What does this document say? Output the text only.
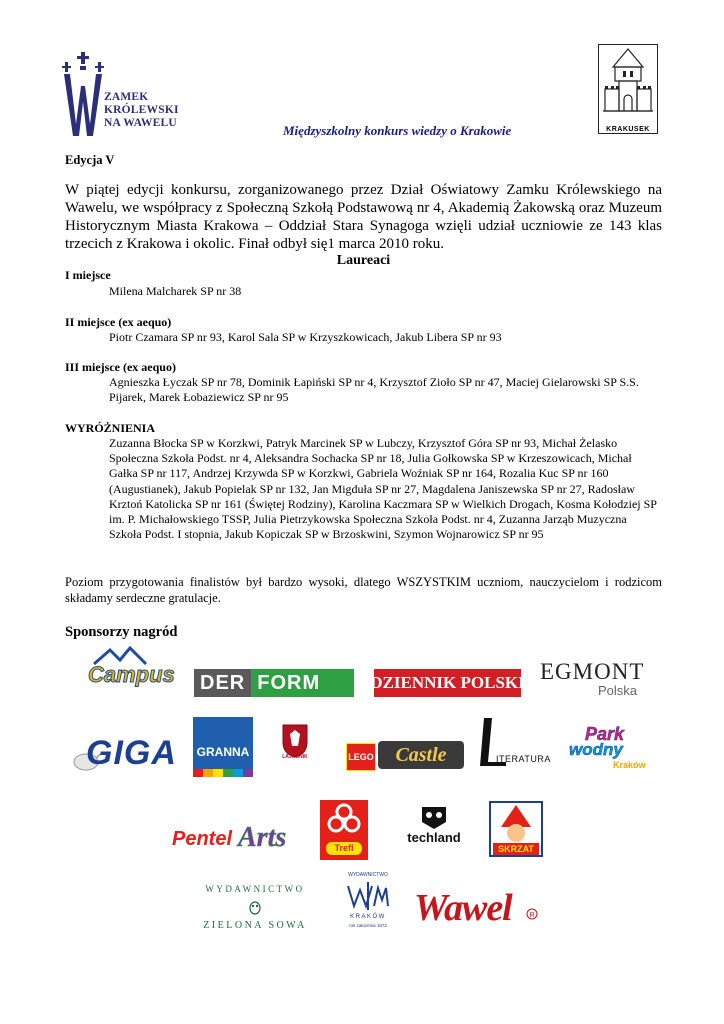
ZAMEK
KRÓLEWSKI
NA WAWELU	Międzyszkolny konkurs wiedzy o Krakowie	KRAKUSEK
Edycja V

W piątej edycji konkursu, zorganizowanego przez Dział Oświatowy Zamku Królewskiego na Wawelu, we współpracy z Społeczną Szkołą Podstawową nr 4, Akademią Żakowską oraz Muzeum Historycznym Miasta Krakowa – Oddział Stara Synagoga wzięli udział uczniowie ze 143 klas trzecich z Krakowa i okolic. Finał odbył się1 marca 2010 roku.

Laureaci
I miejsce
Milena Malcharek SP nr 38
II miejsce (ex aequo)
Piotr Czamara SP nr 93, Karol Sala SP w Krzyszkowicach, Jakub Libera SP nr 93
III miejsce (ex aequo)
Agnieszka Łyczak SP nr 78, Dominik Łapiński SP nr 4, Krzysztof Zioło SP nr 47, Maciej Gielarowski SP S.S. Pijarek, Marek Łobaziewicz SP nr 95
WYRÓŻNIENIA
Zuzanna Błocka SP w Korzkwi, Patryk Marcinek SP w Lubczy, Krzysztof Góra SP nr 93, Michał Żelasko Społeczna Szkoła Podst. nr 4, Aleksandra Sochacka SP nr 18, Julia Gołkowska SP w Krzeszowicach, Michał Gałka SP nr 117, Andrzej Krzywda SP w Korzkwi, Gabriela Woźniak SP nr 164, Rozalia Kuc SP nr 160 (Augustianek), Jakub Popielak SP nr 132, Jan Migduła SP nr 27, Magdalena Janiszewska SP nr 27, Radosław Krztoń Katolicka SP nr 161 (Świętej Rodziny), Karolina Kaczmara SP w Wielkich Drogach, Kosma Kołodziej SP im. P. Michałowskiego TSSP, Julia Pietrzykowska Społeczna Szkoła Podst. nr 4, Zuzanna Jarząb Muzyczna Szkoła Podst. I stopnia, Jakub Kopiczak SP w Brzoskwini, Szymon Wojnarowicz SP nr 95
Poziom przygotowania finalistów był bardzo wysoki, dlatego WSZYSTKIM uczniom, nauczycielom i rodzicom składamy serdeczne gratulacje.
Sponsorzy nagród
Campus	DER FORM	DZIENNIK POLSKI EGMONT
Polska
GIGA	GRANNA	LAJKONIK	LEGO	Castle	ITERATURA
Park
wodny
Kraków
Pentel Arts	Trefl
techland
SKRZAT
WYDAWNICTWO
ZIELONA SOWA
WYDAWNICTWO
KRAKÓW
rok założenia 1872 Wawel	R
